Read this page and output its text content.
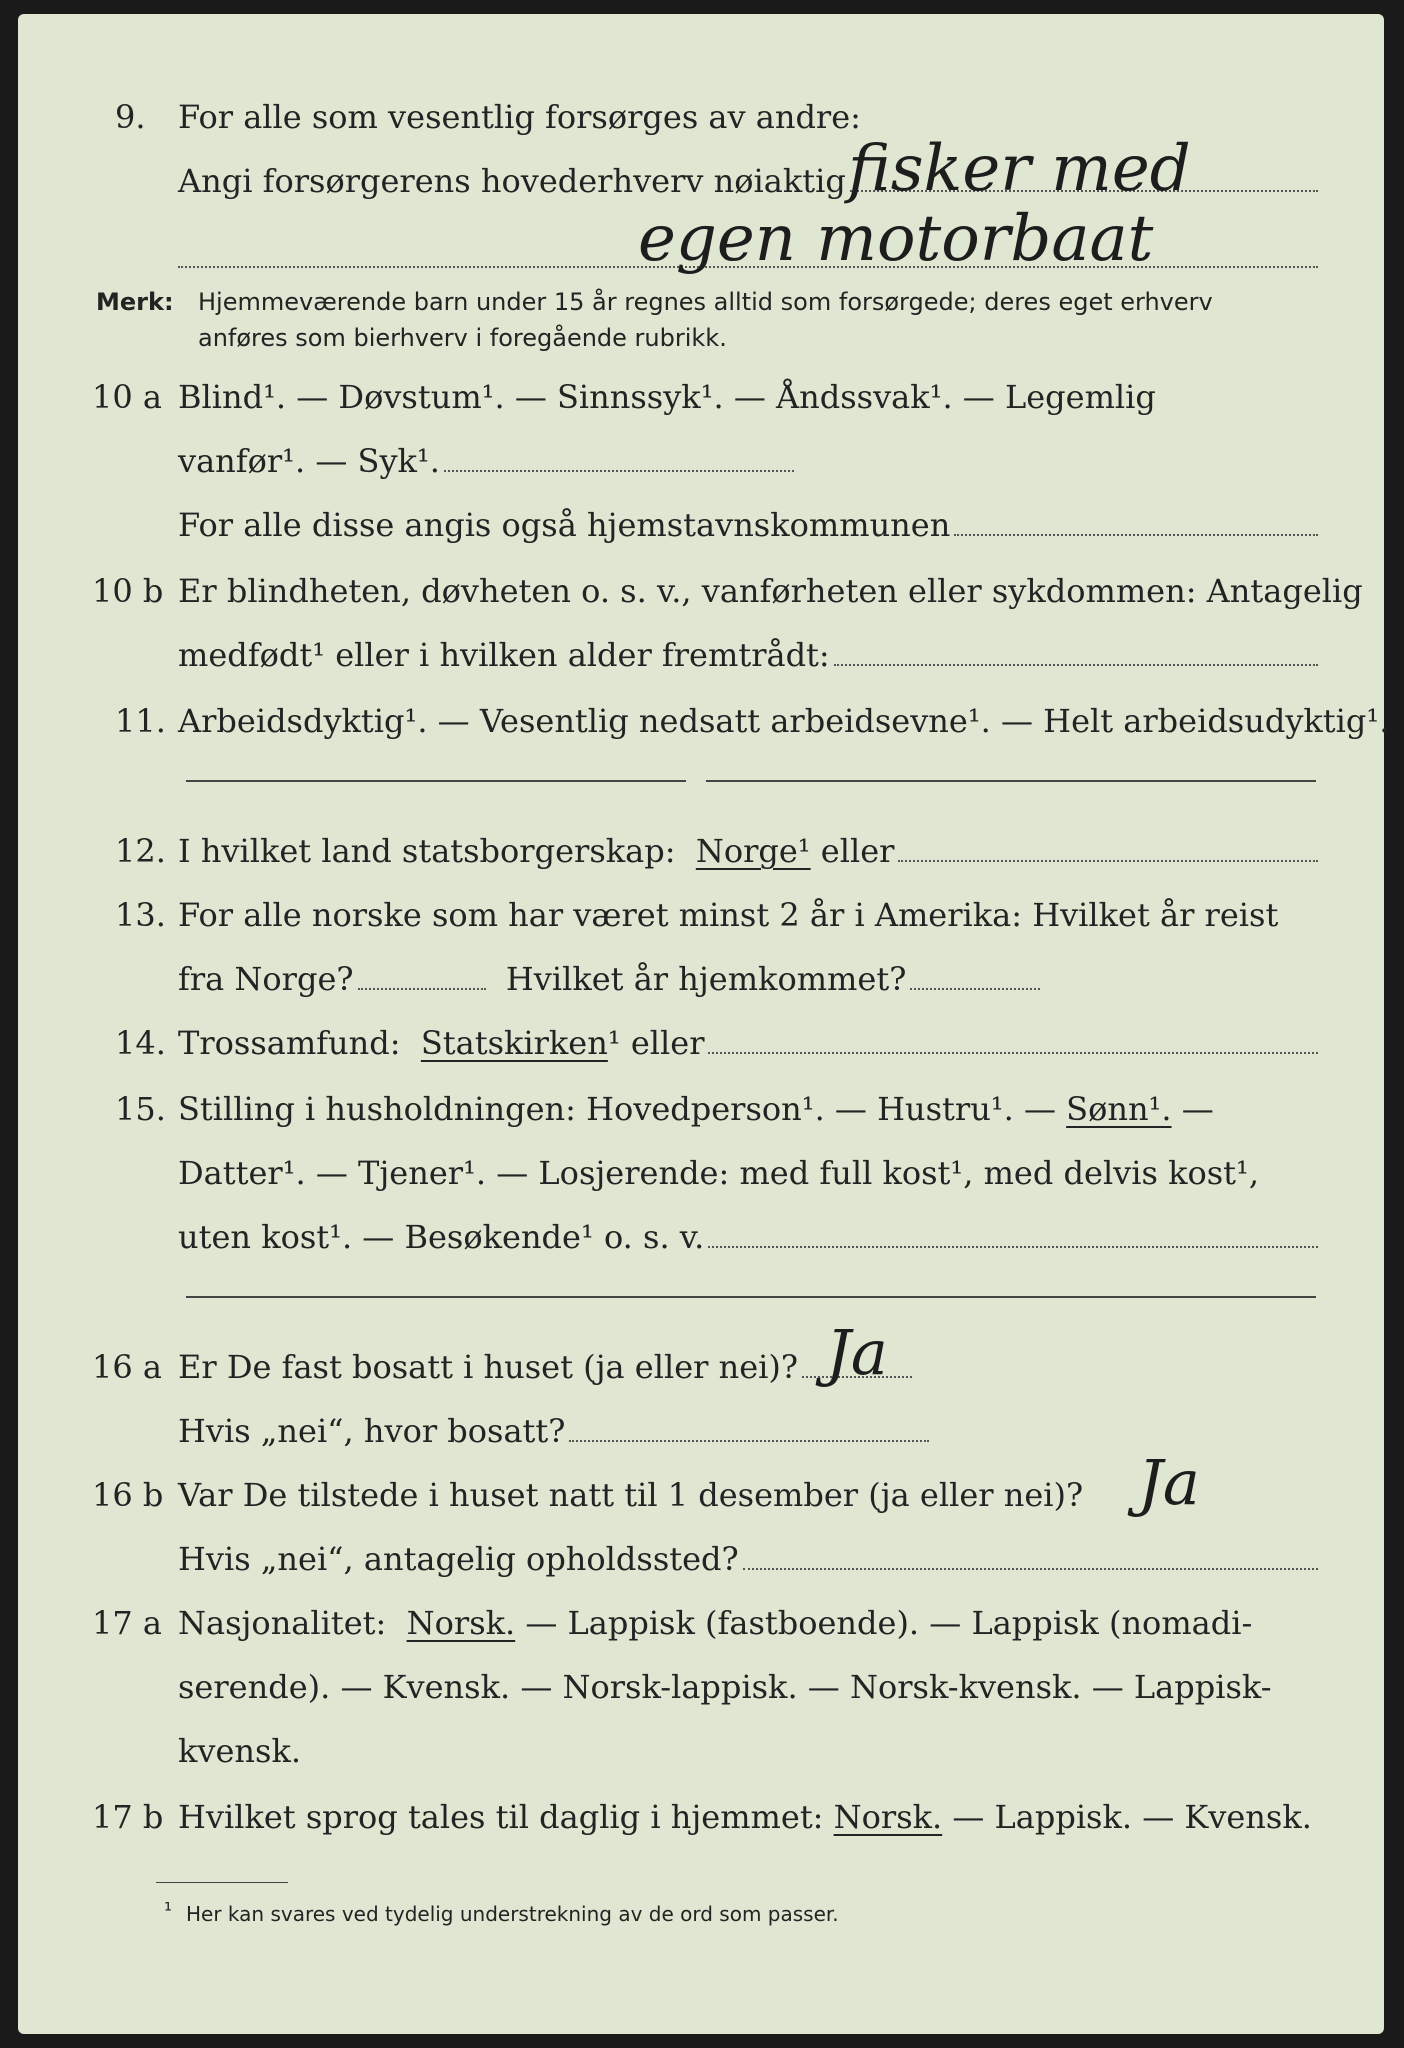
9. For alle som vesentlig forsørges av andre:
Angi forsørgerens hovederhverv nøiaktig fisker med
egen motorbaat
Merk: Hjemmeværende barn under 15 år regnes alltid som forsørgede; deres eget erhverv
anføres som bierhverv i foregående rubrikk.
10 a Blind¹. — Døvstum¹. — Sinnssyk¹. — Åndssvak¹. — Legemlig
vanfør¹. — Syk¹.
For alle disse angis også hjemstavnskommunen
10 b Er blindheten, døvheten o. s. v., vanførheten eller sykdommen: Antagelig
medfødt¹ eller i hvilken alder fremtrådt:
11. Arbeidsdyktig¹. — Vesentlig nedsatt arbeidsevne¹. — Helt arbeidsudyktig¹.
12. I hvilket land statsborgerskap:
Norge¹
eller
13. For alle norske som har været minst 2 år i Amerika: Hvilket år reist
fra Norge?
	Hvilket år hjemkommet?
14. Trossamfund:
Statskirken ¹ eller
15. Stilling i husholdningen: Hovedperson¹. — Hustru¹. —
Sønn¹.
—
Datter¹. — Tjener¹. — Losjerende: med full kost¹, med delvis kost¹,
uten kost¹. — Besøkende¹ o. s. v.
16 a Er De fast bosatt i huset (ja eller nei)? Ja
Hvis „nei“, hvor bosatt?
16 b Var De tilstede i huset natt til 1 desember (ja eller nei)? Ja
Hvis „nei“, antagelig opholdssted?
17 a Nasjonalitet:
Norsk.
— Lappisk (fastboende). — Lappisk (nomadi-
serende). — Kvensk. — Norsk-lappisk. — Norsk-kvensk. — Lappisk-
kvensk.
17 b Hvilket sprog tales til daglig i hjemmet:
Norsk.
— Lappisk. — Kvensk.
¹ Her kan svares ved tydelig understrekning av de ord som passer.
